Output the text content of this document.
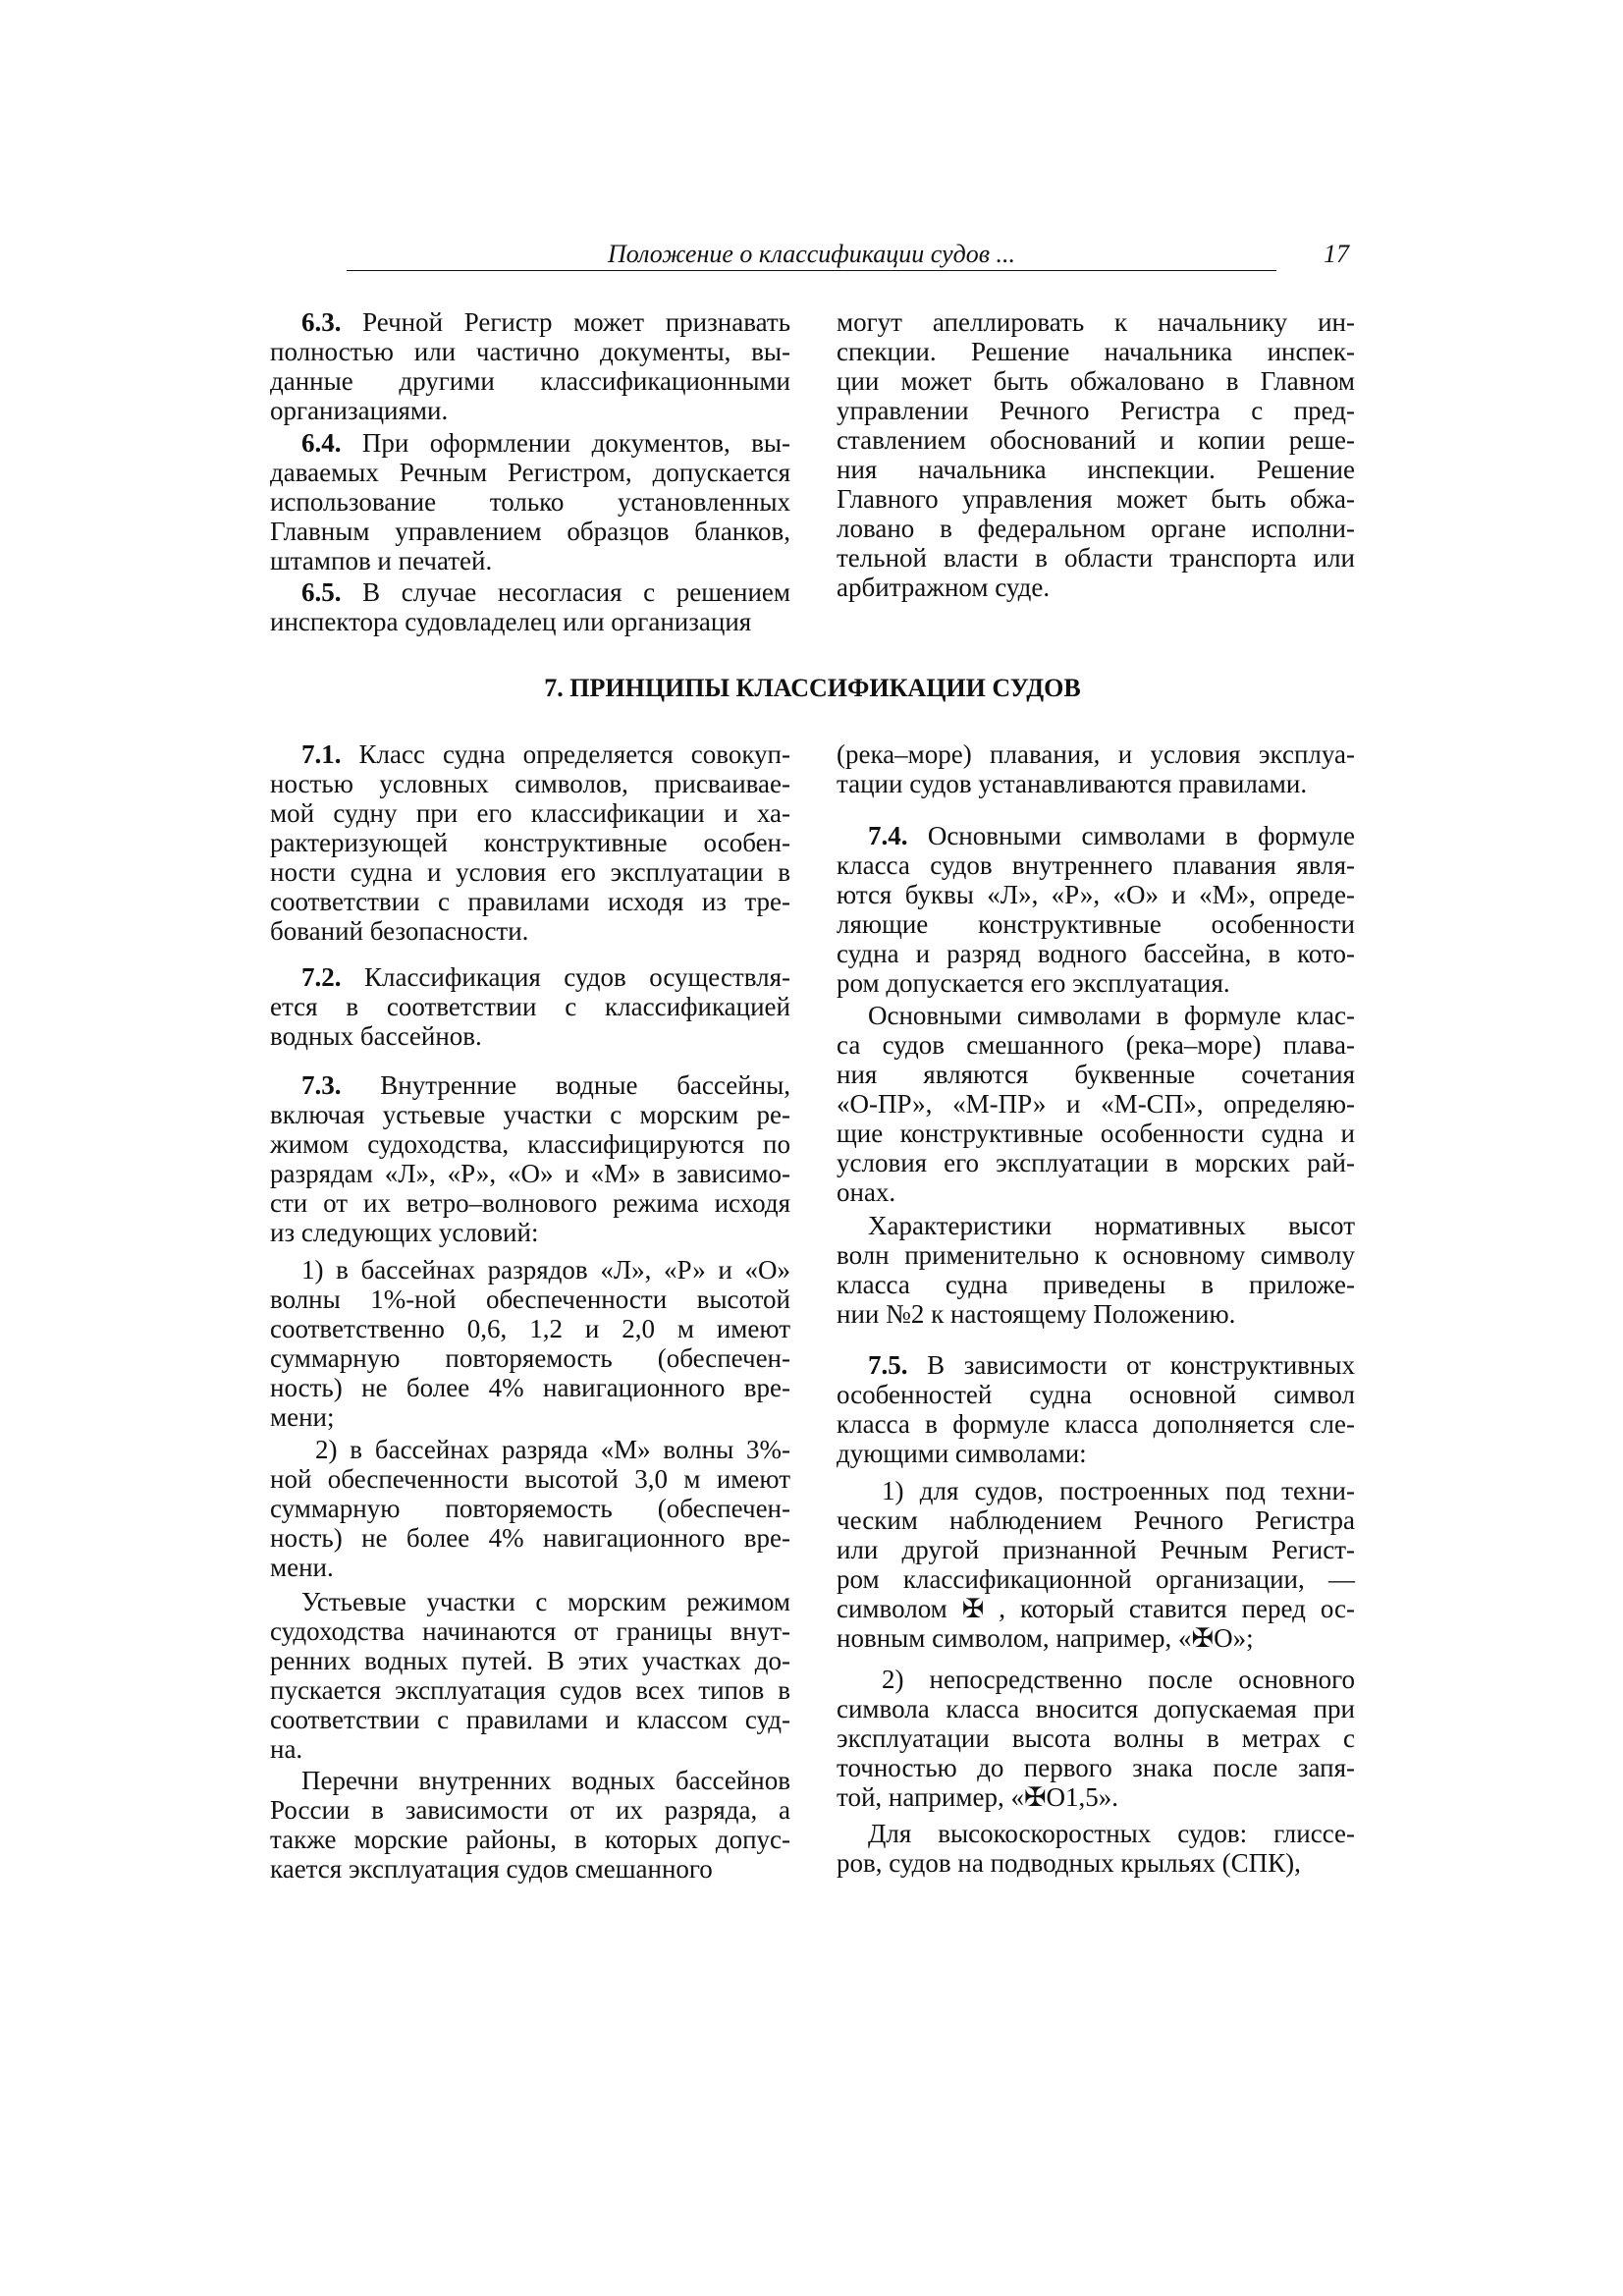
Положение о классификации судов ...	17
6.3. Речной Регистр может признавать
полностью или частично документы, вы-
данные другими классификационными
организациями.
6.4. При оформлении документов, вы-
даваемых Речным Регистром, допускается
использование только установленных
Главным управлением образцов бланков,
штампов и печатей.
6.5. В случае несогласия с решением
инспектора судовладелец или организация
могут апеллировать к начальнику ин-
спекции. Решение начальника инспек-
ции может быть обжаловано в Главном
управлении Речного Регистра с пред-
ставлением обоснований и копии реше-
ния начальника инспекции. Решение
Главного управления может быть обжа-
ловано в федеральном органе исполни-
тельной власти в области транспорта или
арбитражном суде.
7. ПРИНЦИПЫ КЛАССИФИКАЦИИ СУДОВ
7.1. Класс судна определяется совокуп-
ностью условных символов, присваивае-
мой судну при его классификации и ха-
рактеризующей конструктивные особен-
ности судна и условия его эксплуатации в
соответствии с правилами исходя из тре-
бований безопасности.
7.2. Классификация судов осуществля-
ется в соответствии с классификацией
водных бассейнов.
7.3. Внутренние водные бассейны,
включая устьевые участки с морским ре-
жимом судоходства, классифицируются по
разрядам «Л», «Р», «О» и «М» в зависимо-
сти от их ветро–волнового режима исходя
из следующих условий:
1) в бассейнах разрядов «Л», «Р» и «О»
волны 1%-ной обеспеченности высотой
соответственно 0,6, 1,2 и 2,0 м имеют
суммарную повторяемость (обеспечен-
ность) не более 4% навигационного вре-
мени;
2) в бассейнах разряда «М» волны 3%-
ной обеспеченности высотой 3,0 м имеют
суммарную повторяемость (обеспечен-
ность) не более 4% навигационного вре-
мени.
Устьевые участки с морским режимом
судоходства начинаются от границы внут-
ренних водных путей. В этих участках до-
пускается эксплуатация судов всех типов в
соответствии с правилами и классом суд-
на.
Перечни внутренних водных бассейнов
России в зависимости от их разряда, а
также морские районы, в которых допус-
кается эксплуатация судов смешанного
(река–море) плавания, и условия эксплуа-
тации судов устанавливаются правилами.
7.4. Основными символами в формуле
класса судов внутреннего плавания явля-
ются буквы «Л», «Р», «О» и «М», опреде-
ляющие конструктивные особенности
судна и разряд водного бассейна, в кото-
ром допускается его эксплуатация.
Основными символами в формуле клас-
са судов смешанного (река–море) плава-
ния являются буквенные сочетания
«О-ПР», «М-ПР» и «М-СП», определяю-
щие конструктивные особенности судна и
условия его эксплуатации в морских рай-
онах.
Характеристики нормативных высот
волн применительно к основному символу
класса судна приведены в приложе-
нии №2 к настоящему Положению.
7.5. В зависимости от конструктивных
особенностей судна основной символ
класса в формуле класса дополняется сле-
дующими символами:
1) для судов, построенных под техни-
ческим наблюдением Речного Регистра
или другой признанной Речным Регист-
ром классификационной организации, —
символом ✠ , который ставится перед ос-
новным символом, например, «✠О»;
2) непосредственно после основного
символа класса вносится допускаемая при
эксплуатации высота волны в метрах с
точностью до первого знака после запя-
той, например, «✠О1,5».
Для высокоскоростных судов: глиссе-
ров, судов на подводных крыльях (СПК),
